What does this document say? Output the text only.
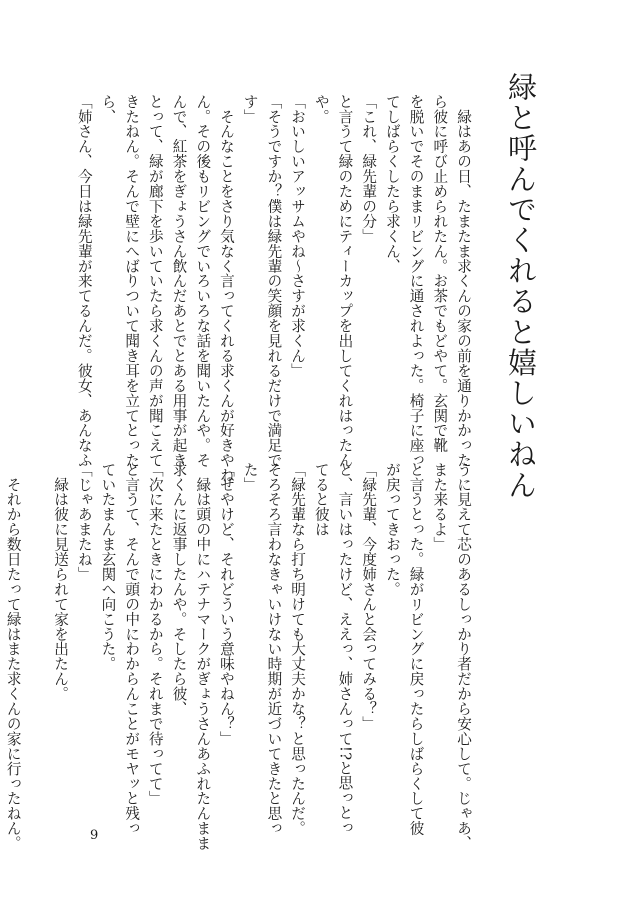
緑と呼んでくれると嬉しいねん
　緑はあの日、たまたま求くんの家の前を通りかかった
ら彼に呼び止められたん。お茶でもどやて。玄関で靴
を脱いでそのままリビングに通されよった。椅子に座っ
てしばらくしたら求くん、
「これ、緑先輩の分」
と言うて緑のためにティーカップを出してくれはったん
や。
「おいしいアッサムやね〜さすが求くん」
「そうですか？僕は緑先輩の笑顔を見れるだけで満足で
す」
　そんなことをさり気なく言ってくれる求くんが好きやね
ん。その後もリビングでいろいろな話を聞いたんや。そ
んで、紅茶をぎょうさん飲んだあとでとある用事が起き
とって、緑が廊下を歩いていたら求くんの声が聞こえて
きたねん。そんで壁にへばりついて聞き耳を立てとった
ら、
「姉さん、今日は緑先輩が来てるんだ。彼女、あんなふ
うに見えて芯のあるしっかり者だから安心して。じゃあ、
また来るよ」
と言うとった。緑がリビングに戻ったらしばらくして彼
が戻ってきおった。
「緑先輩、今度姉さんと会ってみる？」
と、言いはったけど、ええっ、姉さんって!?と思っとっ
てると彼は
「緑先輩なら打ち明けても大丈夫かな？と思ったんだ。
そろそろ言わなきゃいけない時期が近づいてきたと思っ
た」
「せやけど、それどういう意味やねん？」
　緑は頭の中にハテナマークがぎょうさんあふれたんまま
求くんに返事したんや。そしたら彼、
「次に来たときにわかるから。それまで待ってて」
と言うて、そんで頭の中にわからんことがモヤッと残っ
ていたまんま玄関へ向こうた。
「じゃあまたね」
　緑は彼に見送られて家を出たん。

　それから数日たって緑はまた求くんの家に行ったねん。	9
